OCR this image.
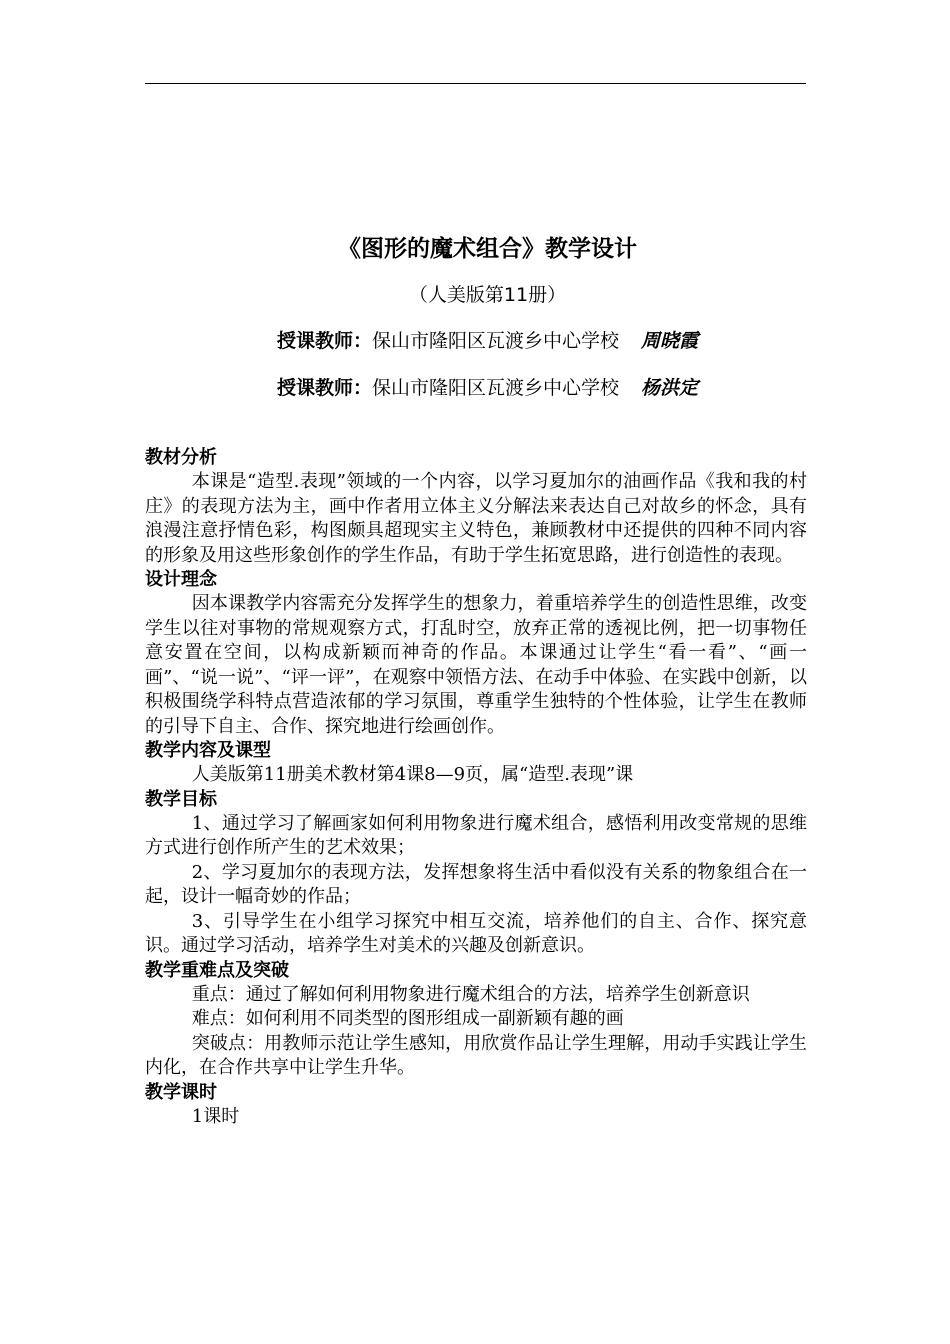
《图形的魔术组合》教学设计
（人美版第11册）
授课教师：保山市隆阳区瓦渡乡中心学校 周晓霞
授课教师：保山市隆阳区瓦渡乡中心学校 杨洪定
教材分析
本课是“造型.表现”领域的一个内容，以学习夏加尔的油画作品《我和我的村庄》的表现方法为主，画中作者用立体主义分解法来表达自己对故乡的怀念，具有浪漫注意抒情色彩，构图颇具超现实主义特色，兼顾教材中还提供的四种不同内容的形象及用这些形象创作的学生作品，有助于学生拓宽思路，进行创造性的表现。
设计理念
因本课教学内容需充分发挥学生的想象力，着重培养学生的创造性思维，改变学生以往对事物的常规观察方式，打乱时空，放弃正常的透视比例，把一切事物任意安置在空间，以构成新颖而神奇的作品。本课通过让学生“看一看”、“画一画”、“说一说”、“评一评”，在观察中领悟方法、在动手中体验、在实践中创新，以积极围绕学科特点营造浓郁的学习氛围，尊重学生独特的个性体验，让学生在教师的引导下自主、合作、探究地进行绘画创作。
教学内容及课型
人美版第11册美术教材第4课8—9页，属“造型.表现”课
教学目标
1、通过学习了解画家如何利用物象进行魔术组合，感悟利用改变常规的思维方式进行创作所产生的艺术效果；
2、学习夏加尔的表现方法，发挥想象将生活中看似没有关系的物象组合在一起，设计一幅奇妙的作品；
3、引导学生在小组学习探究中相互交流，培养他们的自主、合作、探究意识。通过学习活动，培养学生对美术的兴趣及创新意识。
教学重难点及突破
重点：通过了解如何利用物象进行魔术组合的方法，培养学生创新意识
难点：如何利用不同类型的图形组成一副新颖有趣的画
突破点：用教师示范让学生感知，用欣赏作品让学生理解，用动手实践让学生内化，在合作共享中让学生升华。
教学课时
1课时
